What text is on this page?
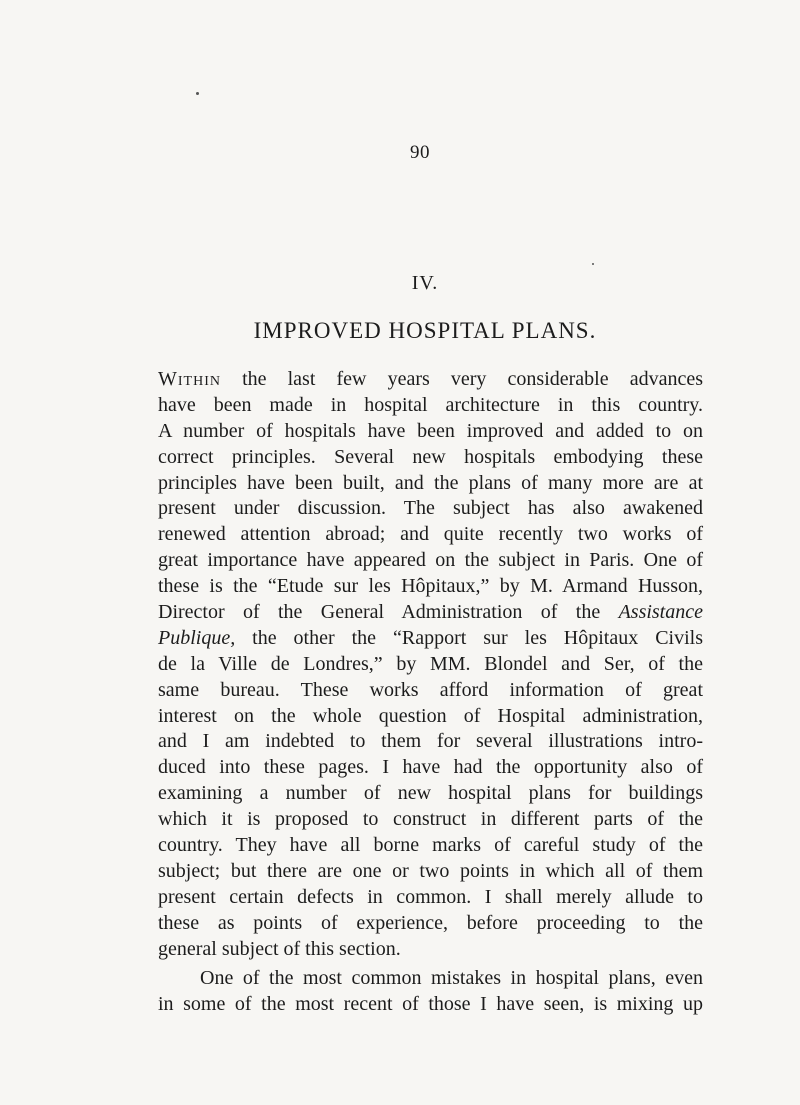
90
IV.
IMPROVED HOSPITAL PLANS.
Within the last few years very considerable advances
have been made in hospital architecture in this country.
A number of hospitals have been improved and added to on
correct principles. Several new hospitals embodying these
principles have been built, and the plans of many more are at
present under discussion. The subject has also awakened
renewed attention abroad; and quite recently two works of
great importance have appeared on the subject in Paris. One of
these is the “Etude sur les Hôpitaux,” by M. Armand Husson,
Director of the General Administration of the Assistance
Publique, the other the “Rapport sur les Hôpitaux Civils
de la Ville de Londres,” by MM. Blondel and Ser, of the
same bureau. These works afford information of great
interest on the whole question of Hospital administration,
and I am indebted to them for several illustrations intro-
duced into these pages. I have had the opportunity also of
examining a number of new hospital plans for buildings
which it is proposed to construct in different parts of the
country. They have all borne marks of careful study of the
subject; but there are one or two points in which all of them
present certain defects in common. I shall merely allude to
these as points of experience, before proceeding to the
general subject of this section.
One of the most common mistakes in hospital plans, even
in some of the most recent of those I have seen, is mixing up
